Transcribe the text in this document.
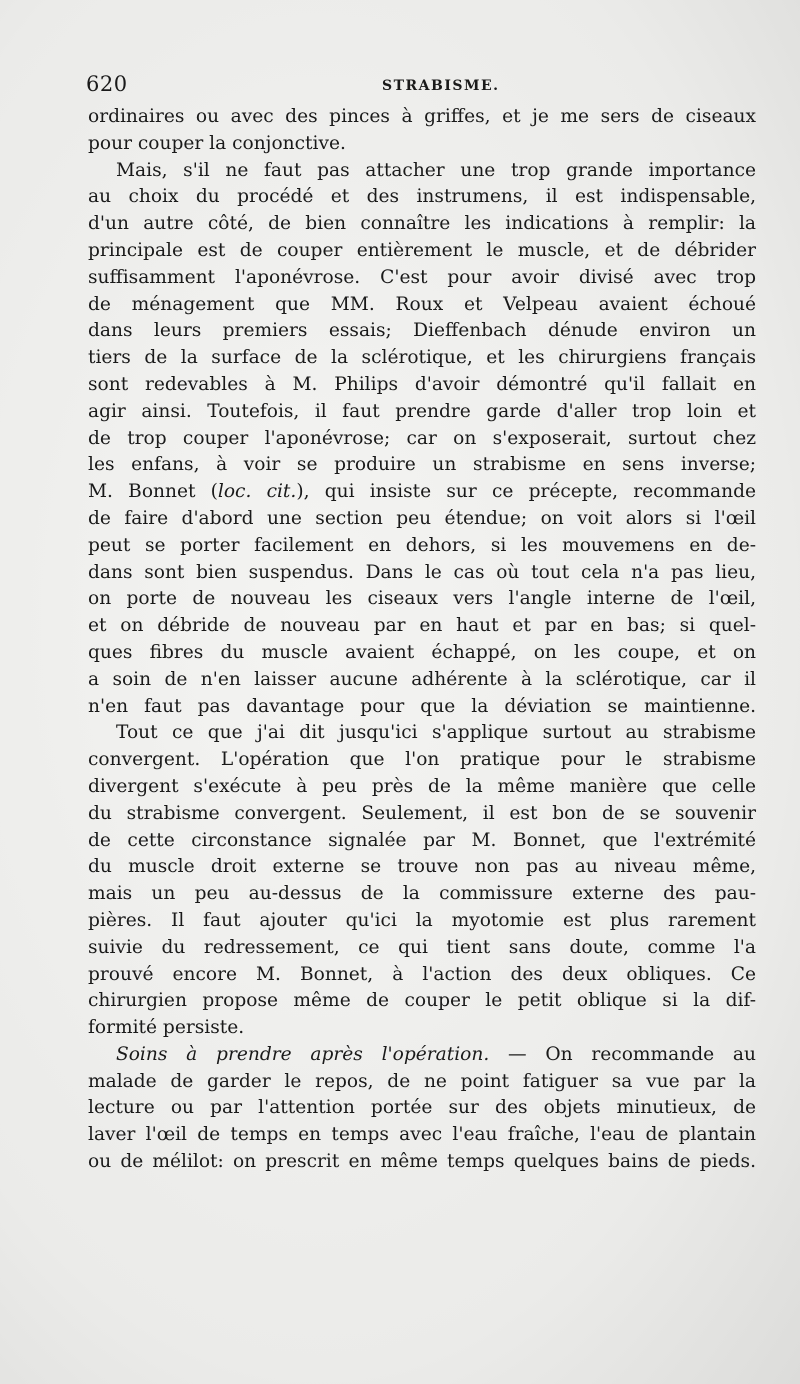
620	STRABISME.
ordinaires ou avec des pinces à griffes, et je me sers de ciseaux
pour couper la conjonctive.
Mais, s'il ne faut pas attacher une trop grande importance
au choix du procédé et des instrumens, il est indispensable,
d'un autre côté, de bien connaître les indications à remplir: la
principale est de couper entièrement le muscle, et de débrider
suffisamment l'aponévrose. C'est pour avoir divisé avec trop
de ménagement que MM. Roux et Velpeau avaient échoué
dans leurs premiers essais; Dieffenbach dénude environ un
tiers de la surface de la sclérotique, et les chirurgiens français
sont redevables à M. Philips d'avoir démontré qu'il fallait en
agir ainsi. Toutefois, il faut prendre garde d'aller trop loin et
de trop couper l'aponévrose; car on s'exposerait, surtout chez
les enfans, à voir se produire un strabisme en sens inverse;
M. Bonnet (loc. cit.), qui insiste sur ce précepte, recommande
de faire d'abord une section peu étendue; on voit alors si l'œil
peut se porter facilement en dehors, si les mouvemens en de-
dans sont bien suspendus. Dans le cas où tout cela n'a pas lieu,
on porte de nouveau les ciseaux vers l'angle interne de l'œil,
et on débride de nouveau par en haut et par en bas; si quel-
ques fibres du muscle avaient échappé, on les coupe, et on
a soin de n'en laisser aucune adhérente à la sclérotique, car il
n'en faut pas davantage pour que la déviation se maintienne.
Tout ce que j'ai dit jusqu'ici s'applique surtout au strabisme
convergent. L'opération que l'on pratique pour le strabisme
divergent s'exécute à peu près de la même manière que celle
du strabisme convergent. Seulement, il est bon de se souvenir
de cette circonstance signalée par M. Bonnet, que l'extrémité
du muscle droit externe se trouve non pas au niveau même,
mais un peu au-dessus de la commissure externe des pau-
pières. Il faut ajouter qu'ici la myotomie est plus rarement
suivie du redressement, ce qui tient sans doute, comme l'a
prouvé encore M. Bonnet, à l'action des deux obliques. Ce
chirurgien propose même de couper le petit oblique si la dif-
formité persiste.
Soins à prendre après l'opération. — On recommande au
malade de garder le repos, de ne point fatiguer sa vue par la
lecture ou par l'attention portée sur des objets minutieux, de
laver l'œil de temps en temps avec l'eau fraîche, l'eau de plantain
ou de mélilot: on prescrit en même temps quelques bains de pieds.
